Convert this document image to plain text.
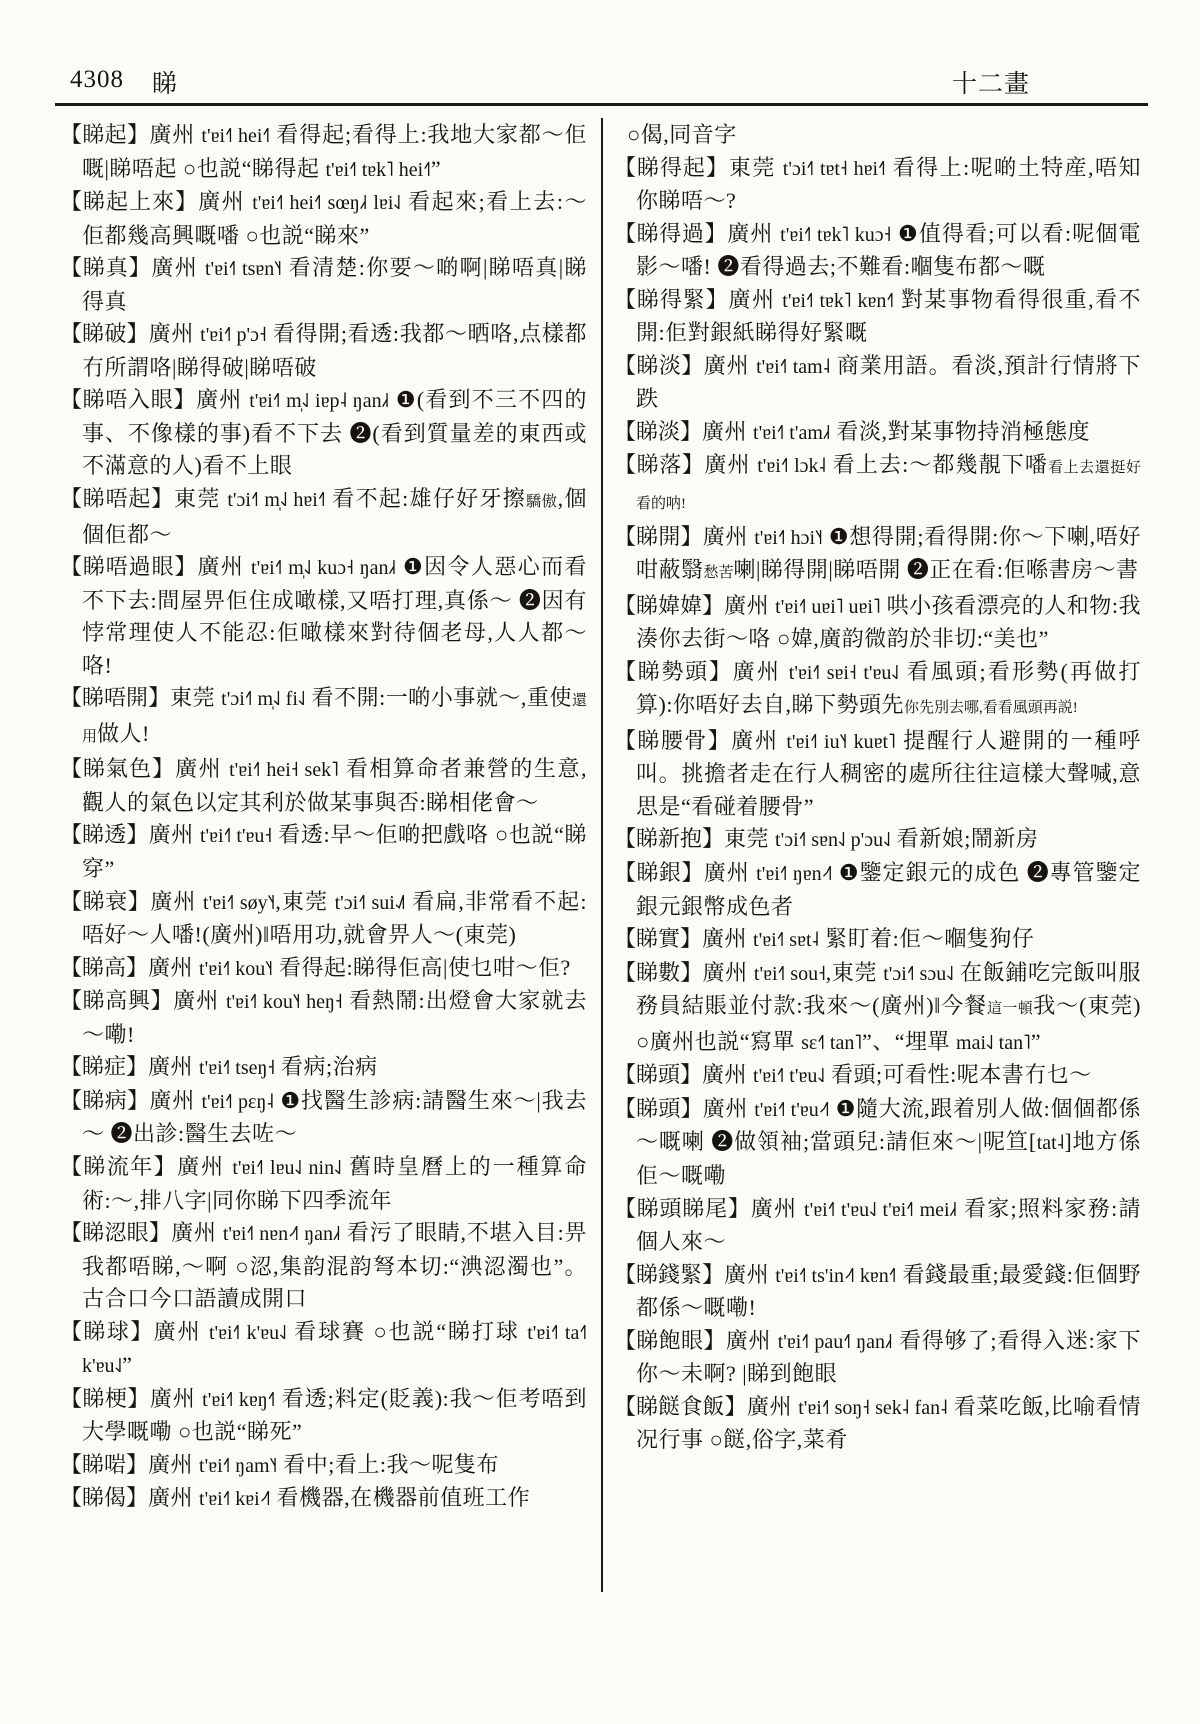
4308 睇	十二畫

【睇起】廣州 t'ɐi˧˥ hei˧˥ 看得起;看得上:我地大家都～佢嘅|睇唔起 ○也説“睇得起 t'ɐi˧˥ tɐk˥ hei˧˥”

【睇起上來】廣州 t'ɐi˧˥ hei˧˥ sœŋ˩˧ lɐi˨˩ 看起來;看上去:～佢都幾高興嘅噃 ○也説“睇來”

【睇真】廣州 t'ɐi˧˥ tsɐn˥˧ 看清楚:你要～啲啊|睇唔真|睇得真

【睇破】廣州 t'ɐi˧˥ p'ɔ˧ 看得開;看透:我都～晒咯,点樣都冇所謂咯|睇得破|睇唔破

【睇唔入眼】廣州 t'ɐi˧˥ m̩˨˩ iɐp˨ ŋan˩˧ ❶(看到不三不四的事、不像樣的事)看不下去 ❷(看到質量差的東西或不滿意的人)看不上眼

【睇唔起】東莞 t'ɔi˧˥ m̩˨˩ hɐi˧˥ 看不起:雄仔好牙擦驕傲,個個佢都～

【睇唔過眼】廣州 t'ɐi˧˥ m̩˨˩ kuɔ˧ ŋan˩˧ ❶因令人惡心而看不下去:間屋畀佢住成噉樣,又唔打理,真係～ ❷因有悖常理使人不能忍:佢噉樣來對待個老母,人人都～咯!

【睇唔開】東莞 t'ɔi˧˥ m̩˨˩ fi˨˩ 看不開:一啲小事就～,重使還用做人!

【睇氣色】廣州 t'ɐi˧˥ hei˧ sek˥ 看相算命者兼營的生意,觀人的氣色以定其利於做某事與否:睇相佬會～

【睇透】廣州 t'ɐi˧˥ t'ɐu˧ 看透:早～佢啲把戲咯 ○也説“睇穿”

【睇衰】廣州 t'ɐi˧˥ søy˥˧,東莞 t'ɔi˧˥ sui˨˩˥ 看扁,非常看不起:唔好～人噃!(廣州)‖唔用功,就會畀人～(東莞)

【睇高】廣州 t'ɐi˧˥ kou˥˧ 看得起:睇得佢高|使乜咁～佢?

【睇高興】廣州 t'ɐi˧˥ kou˥˧ heŋ˧ 看熱鬧:出燈會大家就去～嘞!

【睇症】廣州 t'ɐi˧˥ tseŋ˧ 看病;治病

【睇病】廣州 t'ɐi˧˥ pɛŋ˨ ❶找醫生診病:請醫生來～|我去～ ❷出診:醫生去咗～

【睇流年】廣州 t'ɐi˧˥ lɐu˨˩ nin˨˩ 舊時皇曆上的一種算命術:～,排八字|同你睇下四季流年

【睇涊眼】廣州 t'ɐi˧˥ nɐn˨˧˥ ŋan˩˧ 看污了眼睛,不堪入目:畀我都唔睇,～啊 ○涊,集韵混韵弩本切:“淟涊濁也”。古合口今口語讀成開口

【睇球】廣州 t'ɐi˧˥ k'ɐu˨˩ 看球賽 ○也説“睇打球 t'ɐi˧˥ ta˧˥ k'ɐu˨˩”

【睇梗】廣州 t'ɐi˧˥ kɐŋ˧˥ 看透;料定(貶義):我～佢考唔到大學嘅嘞 ○也説“睇死”

【睇啱】廣州 t'ɐi˧˥ ŋam˥˧ 看中;看上:我～呢隻布

【睇偈】廣州 t'ɐi˧˥ kɐi˨˧˥ 看機器,在機器前值班工作

○偈,同音字

【睇得起】東莞 t'ɔi˧˥ tɐt˧ hɐi˧˥ 看得上:呢啲土特産,唔知你睇唔～?

【睇得過】廣州 t'ɐi˧˥ tɐk˥ kuɔ˧ ❶值得看;可以看:呢個電影～噃! ❷看得過去;不難看:嗰隻布都～嘅

【睇得緊】廣州 t'ɐi˧˥ tɐk˥ kɐn˧˥ 對某事物看得很重,看不開:佢對銀紙睇得好緊嘅

【睇淡】廣州 t'ɐi˧˥ tam˨ 商業用語。看淡,預計行情將下跌

【睇淡】廣州 t'ɐi˧˥ t'am˩˧ 看淡,對某事物持消極態度

【睇落】廣州 t'ɐi˧˥ lɔk˨ 看上去:～都幾靚下噃看上去還挺好看的呐!

【睇開】廣州 t'ɐi˧˥ hɔi˥˧ ❶想得開;看得開:你～下喇,唔好咁蔽翳愁苦喇|睇得開|睇唔開 ❷正在看:佢喺書房～書

【睇媁媁】廣州 t'ɐi˧˥ uɐi˥ uɐi˥ 哄小孩看漂亮的人和物:我湊你去街～咯 ○媁,廣韵微韵於非切:“美也”

【睇勢頭】廣州 t'ɐi˧˥ sɐi˧ t'ɐu˨˩ 看風頭;看形勢(再做打算):你唔好去自,睇下勢頭先你先別去哪,看看風頭再説!

【睇腰骨】廣州 t'ɐi˧˥ iu˥˧ kuɐt˥ 提醒行人避開的一種呼叫。挑擔者走在行人稠密的處所往往這樣大聲喊,意思是“看碰着腰骨”

【睇新抱】東莞 t'ɔi˧˥ sɐn˨˩ p'ɔu˨˩ 看新娘;鬧新房

【睇銀】廣州 t'ɐi˧˥ ŋɐn˨˧˥ ❶鑒定銀元的成色 ❷專管鑒定銀元銀幣成色者

【睇實】廣州 t'ɐi˧˥ sɐt˨ 緊盯着:佢～嗰隻狗仔

【睇數】廣州 t'ɐi˧˥ sou˧,東莞 t'ɔi˧˥ sɔu˨˩ 在飯鋪吃完飯叫服務員結賬並付款:我來～(廣州)‖今餐這一頓我～(東莞) ○廣州也説“寫單 sɛ˧˥ tan˥”、“埋單 mai˨˩ tan˥”

【睇頭】廣州 t'ɐi˧˥ t'ɐu˨˩ 看頭;可看性:呢本書冇乜～

【睇頭】廣州 t'ɐi˧˥ t'ɐu˨˧˥ ❶隨大流,跟着別人做:個個都係～嘅喇 ❷做領袖;當頭兒:請佢來～|呢笪[tat˨]地方係佢～嘅嘞

【睇頭睇尾】廣州 t'ɐi˧˥ t'ɐu˨˩ t'ɐi˧˥ mei˩˧ 看家;照料家務:請個人來～

【睇錢緊】廣州 t'ɐi˧˥ ts'in˨˧˥ kɐn˧˥ 看錢最重;最愛錢:佢個野都係～嘅嘞!

【睇飽眼】廣州 t'ɐi˧˥ pau˧˥ ŋan˩˧ 看得够了;看得入迷:家下你～未啊? |睇到飽眼

【睇餸食飯】廣州 t'ɐi˧˥ soŋ˧ sek˨ fan˨ 看菜吃飯,比喻看情况行事 ○餸,俗字,菜肴
